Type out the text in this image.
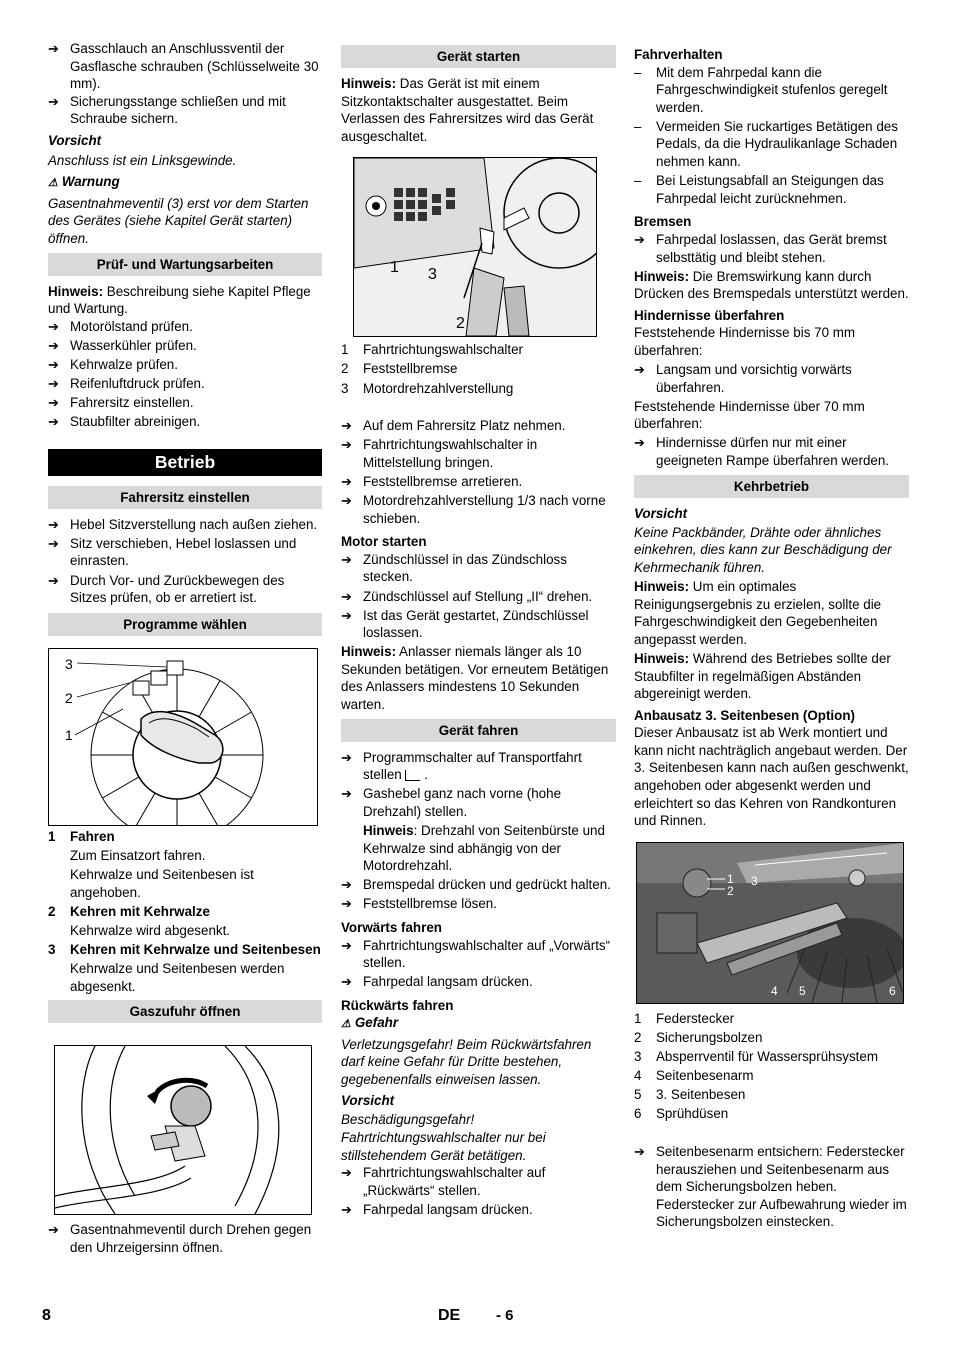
➔ Gasschlauch an Anschlussventil der Gasflasche schrauben (Schlüsselweite 30 mm).

➔ Sicherungsstange schließen und mit Schraube sichern.

Vorsicht

Anschluss ist ein Linksgewinde.

⚠ Warnung

Gasentnahmeventil (3) erst vor dem Starten des Gerätes (siehe Kapitel Gerät starten) öffnen.

Prüf- und Wartungsarbeiten

Hinweis: Beschreibung siehe Kapitel Pflege und Wartung.

➔ Motorölstand prüfen.

➔ Wasserkühler prüfen.

➔ Kehrwalze prüfen.

➔ Reifenluftdruck prüfen.

➔ Fahrersitz einstellen.

➔ Staubfilter abreinigen.

Betrieb
Fahrersitz einstellen

➔ Hebel Sitzverstellung nach außen ziehen.

➔ Sitz verschieben, Hebel loslassen und einrasten.

➔ Durch Vor- und Zurückbewegen des Sitzes prüfen, ob er arretiert ist.

Programme wählen
3
2
1
1 Fahren

Zum Einsatzort fahren.

Kehrwalze und Seitenbesen ist angehoben.

2 Kehren mit Kehrwalze

Kehrwalze wird abgesenkt.

3 Kehren mit Kehrwalze und Seitenbesen

Kehrwalze und Seitenbesen werden abgesenkt.

Gaszufuhr öffnen

➔ Gasentnahmeventil durch Drehen gegen den Uhrzeigersinn öffnen.

Gerät starten

Hinweis: Das Gerät ist mit einem Sitzkontaktschalter ausgestattet. Beim Verlassen des Fahrersitzes wird das Gerät ausgeschaltet.

1 3
2
1 Fahrtrichtungswahlschalter
2 Feststellbremse
3 Motordrehzahlverstellung

➔ Auf dem Fahrersitz Platz nehmen.

➔ Fahrtrichtungswahlschalter in Mittelstellung bringen.

➔ Feststellbremse arretieren.

➔ Motordrehzahlverstellung 1/3 nach vorne schieben.

Motor starten

➔ Zündschlüssel in das Zündschloss stecken.

➔ Zündschlüssel auf Stellung „II“ drehen.

➔ Ist das Gerät gestartet, Zündschlüssel loslassen.

Hinweis: Anlasser niemals länger als 10 Sekunden betätigen. Vor erneutem Betätigen des Anlassers mindestens 10 Sekunden warten.

Gerät fahren

➔ Programmschalter auf Transportfahrt stellen  .

➔ Gashebel ganz nach vorne (hohe Drehzahl) stellen.

Hinweis: Drehzahl von Seitenbürste und Kehrwalze sind abhängig von der Motordrehzahl.

➔ Bremspedal drücken und gedrückt halten.

➔ Feststellbremse lösen.

Vorwärts fahren

➔ Fahrtrichtungswahlschalter auf „Vorwärts“ stellen.

➔ Fahrpedal langsam drücken.

Rückwärts fahren

⚠ Gefahr

Verletzungsgefahr! Beim Rückwärtsfahren darf keine Gefahr für Dritte bestehen, gegebenenfalls einweisen lassen.

Vorsicht

Beschädigungsgefahr! Fahrtrichtungswahlschalter nur bei stillstehendem Gerät betätigen.

➔ Fahrtrichtungswahlschalter auf „Rückwärts“ stellen.

➔ Fahrpedal langsam drücken.

Fahrverhalten

– Mit dem Fahrpedal kann die Fahrgeschwindigkeit stufenlos geregelt werden.

– Vermeiden Sie ruckartiges Betätigen des Pedals, da die Hydraulikanlage Schaden nehmen kann.

– Bei Leistungsabfall an Steigungen das Fahrpedal leicht zurücknehmen.

Bremsen

➔ Fahrpedal loslassen, das Gerät bremst selbsttätig und bleibt stehen.

Hinweis: Die Bremswirkung kann durch Drücken des Bremspedals unterstützt werden.

Hindernisse überfahren

Feststehende Hindernisse bis 70 mm überfahren:

➔ Langsam und vorsichtig vorwärts überfahren.

Feststehende Hindernisse über 70 mm überfahren:

➔ Hindernisse dürfen nur mit einer geeigneten Rampe überfahren werden.

Kehrbetrieb

Vorsicht

Keine Packbänder, Drähte oder ähnliches einkehren, dies kann zur Beschädigung der Kehrmechanik führen.

Hinweis: Um ein optimales Reinigungsergebnis zu erzielen, sollte die Fahrgeschwindigkeit den Gegebenheiten angepasst werden.

Hinweis: Während des Betriebes sollte der Staubfilter in regelmäßigen Abständen abgereinigt werden.

Anbausatz 3. Seitenbesen (Option)

Dieser Anbausatz ist ab Werk montiert und kann nicht nachträglich angebaut werden. Der 3. Seitenbesen kann nach außen geschwenkt, angehoben oder abgesenkt werden und erleichtert so das Kehren von Randkonturen und Rinnen.

1
2
3
4 5	6
1 Federstecker
2 Sicherungsbolzen
3 Absperrventil für Wassersprühsystem
4 Seitenbesenarm
5 3. Seitenbesen
6 Sprühdüsen

➔ Seitenbesenarm entsichern: Federstecker herausziehen und Seitenbesenarm aus dem Sicherungsbolzen heben.

Federstecker zur Aufbewahrung wieder im Sicherungsbolzen einstecken.

8	DE - 6
